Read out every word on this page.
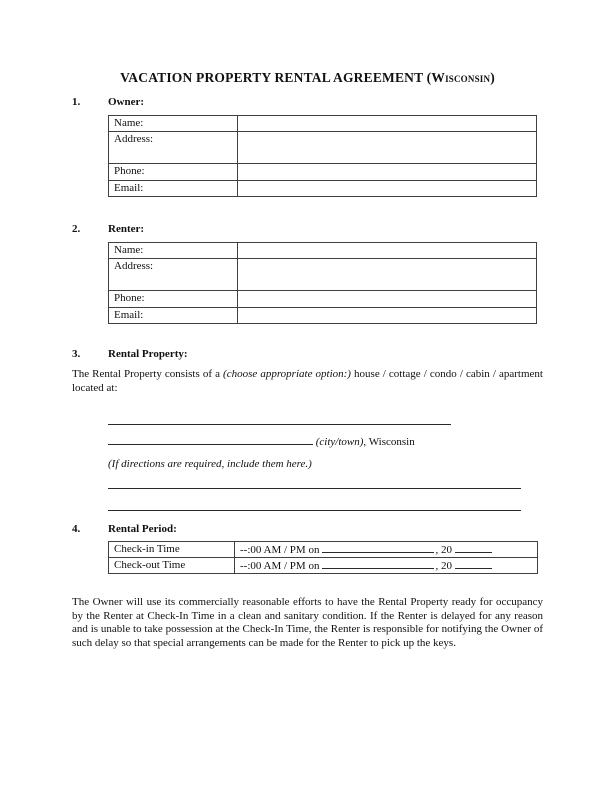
VACATION PROPERTY RENTAL AGREEMENT (Wisconsin)
1.	Owner:
Name:	
Address:	
Phone:	
Email:	
2.	Renter:
Name:	
Address:	
Phone:	
Email:	
3.	Rental Property:
The Rental Property consists of a (choose appropriate option:) house / cottage / condo / cabin / apartment located at:
(city/town), Wisconsin
(If directions are required, include them here.)
4.	Rental Period:
Check-in Time	--:00 AM / PM on , 20
Check-out Time	--:00 AM / PM on , 20
The Owner will use its commercially reasonable efforts to have the Rental Property ready for occupancy by the Renter at Check-In Time in a clean and sanitary condition. If the Renter is delayed for any reason and is unable to take possession at the Check-In Time, the Renter is responsible for notifying the Owner of such delay so that special arrangements can be made for the Renter to pick up the keys.
